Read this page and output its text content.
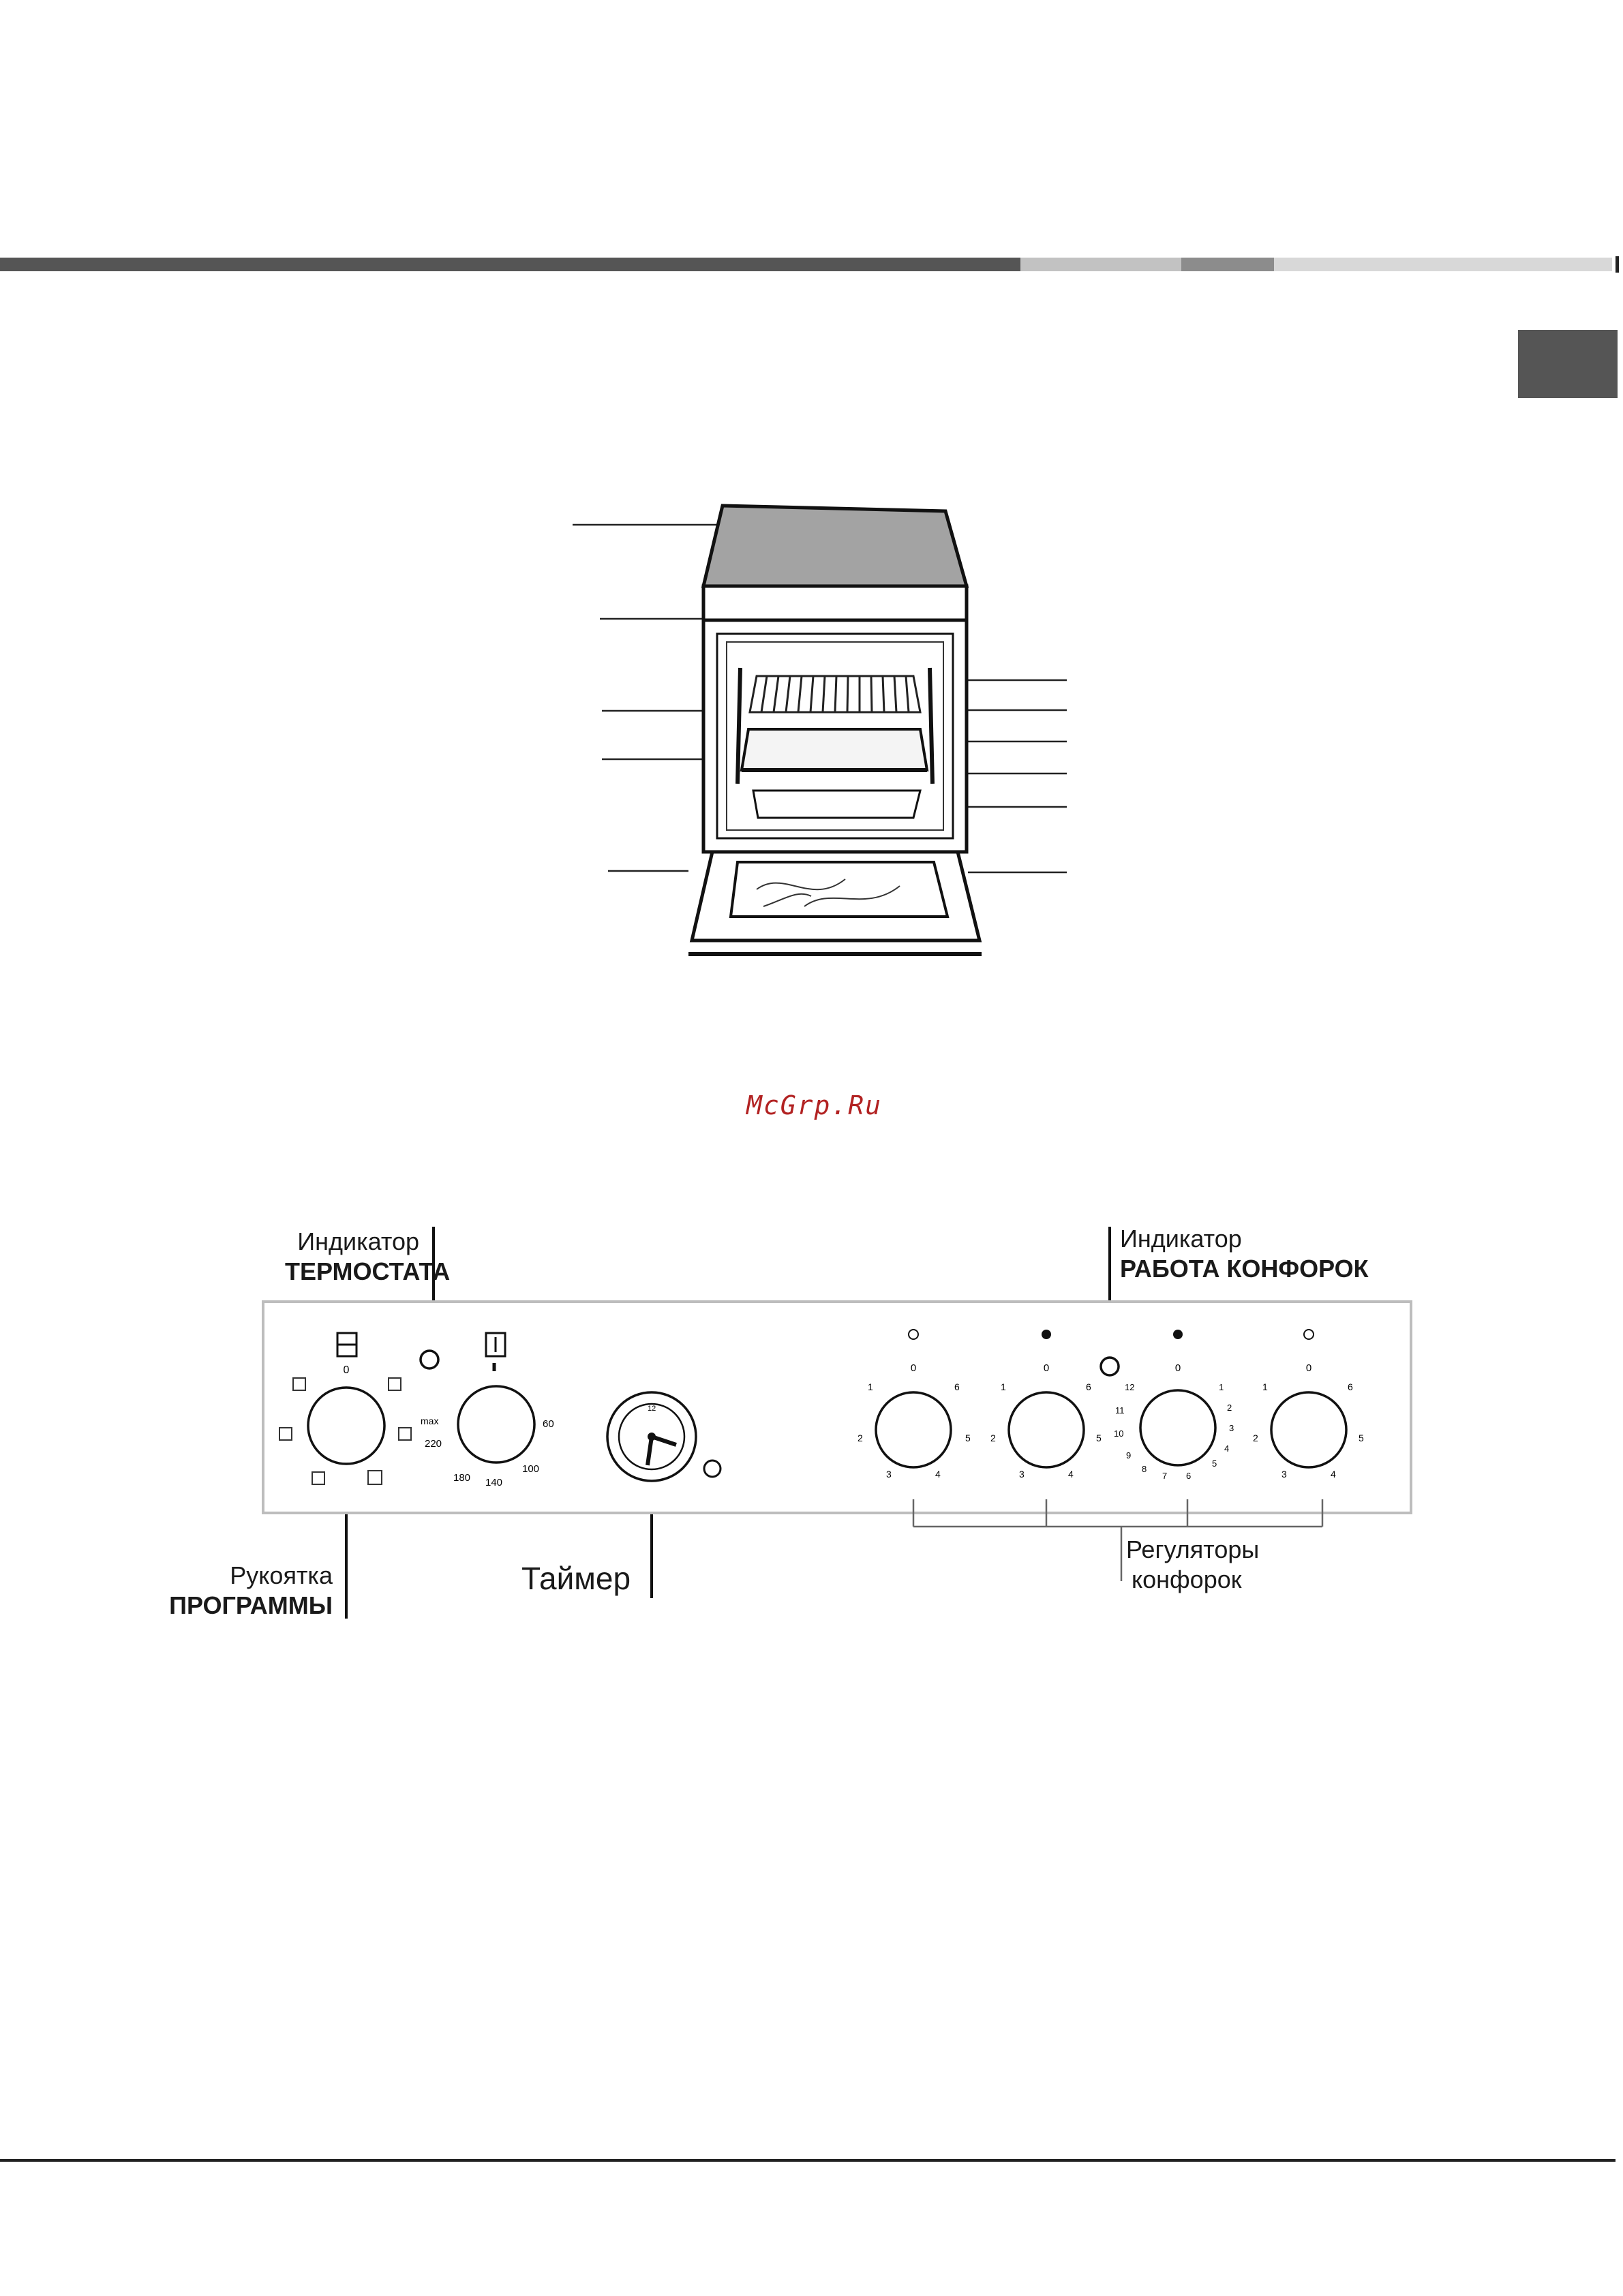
McGrp.Ru
Индикатор
ТЕРМОСТАТА
Индикатор
РАБОТА КОНФОРОК
Рукоятка
ПРОГРАММЫ
Таймер
Регуляторы
конфорок
0
max
220
180 140
100
60
12
0
1
2
3
6
5
4
0
1
2
3
6
5
4
0
12
11
10
9
8
1
2
3
4
5
6
7
0
1
2
3
6
5
4
